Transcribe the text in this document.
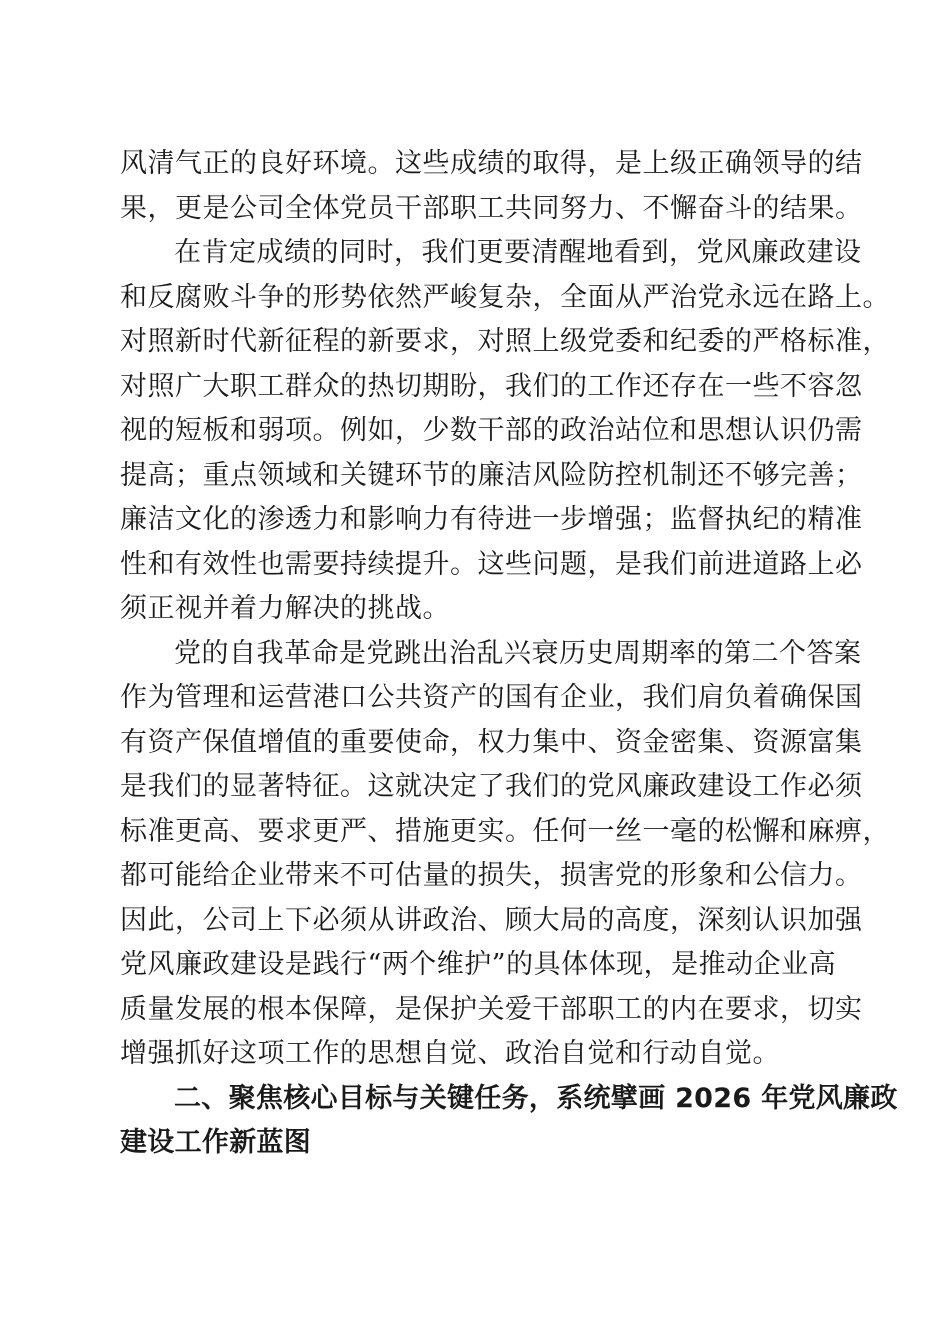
风清气正的良好环境。这些成绩的取得，是上级正确领导的结
果，更是公司全体党员干部职工共同努力、不懈奋斗的结果。
在肯定成绩的同时，我们更要清醒地看到，党风廉政建设
和反腐败斗争的形势依然严峻复杂，全面从严治党永远在路上。
对照新时代新征程的新要求，对照上级党委和纪委的严格标准，
对照广大职工群众的热切期盼，我们的工作还存在一些不容忽
视的短板和弱项。例如，少数干部的政治站位和思想认识仍需
提高；重点领域和关键环节的廉洁风险防控机制还不够完善；
廉洁文化的渗透力和影响力有待进一步增强；监督执纪的精准
性和有效性也需要持续提升。这些问题，是我们前进道路上必
须正视并着力解决的挑战。
党的自我革命是党跳出治乱兴衰历史周期率的第二个答案
作为管理和运营港口公共资产的国有企业，我们肩负着确保国
有资产保值增值的重要使命，权力集中、资金密集、资源富集
是我们的显著特征。这就决定了我们的党风廉政建设工作必须
标准更高、要求更严、措施更实。任何一丝一毫的松懈和麻痹，
都可能给企业带来不可估量的损失，损害党的形象和公信力。
因此，公司上下必须从讲政治、顾大局的高度，深刻认识加强
党风廉政建设是践行“两个维护”的具体体现，是推动企业高
质量发展的根本保障，是保护关爱干部职工的内在要求，切实
增强抓好这项工作的思想自觉、政治自觉和行动自觉。
二、聚焦核心目标与关键任务，系统擘画 2026 年党风廉政
建设工作新蓝图
